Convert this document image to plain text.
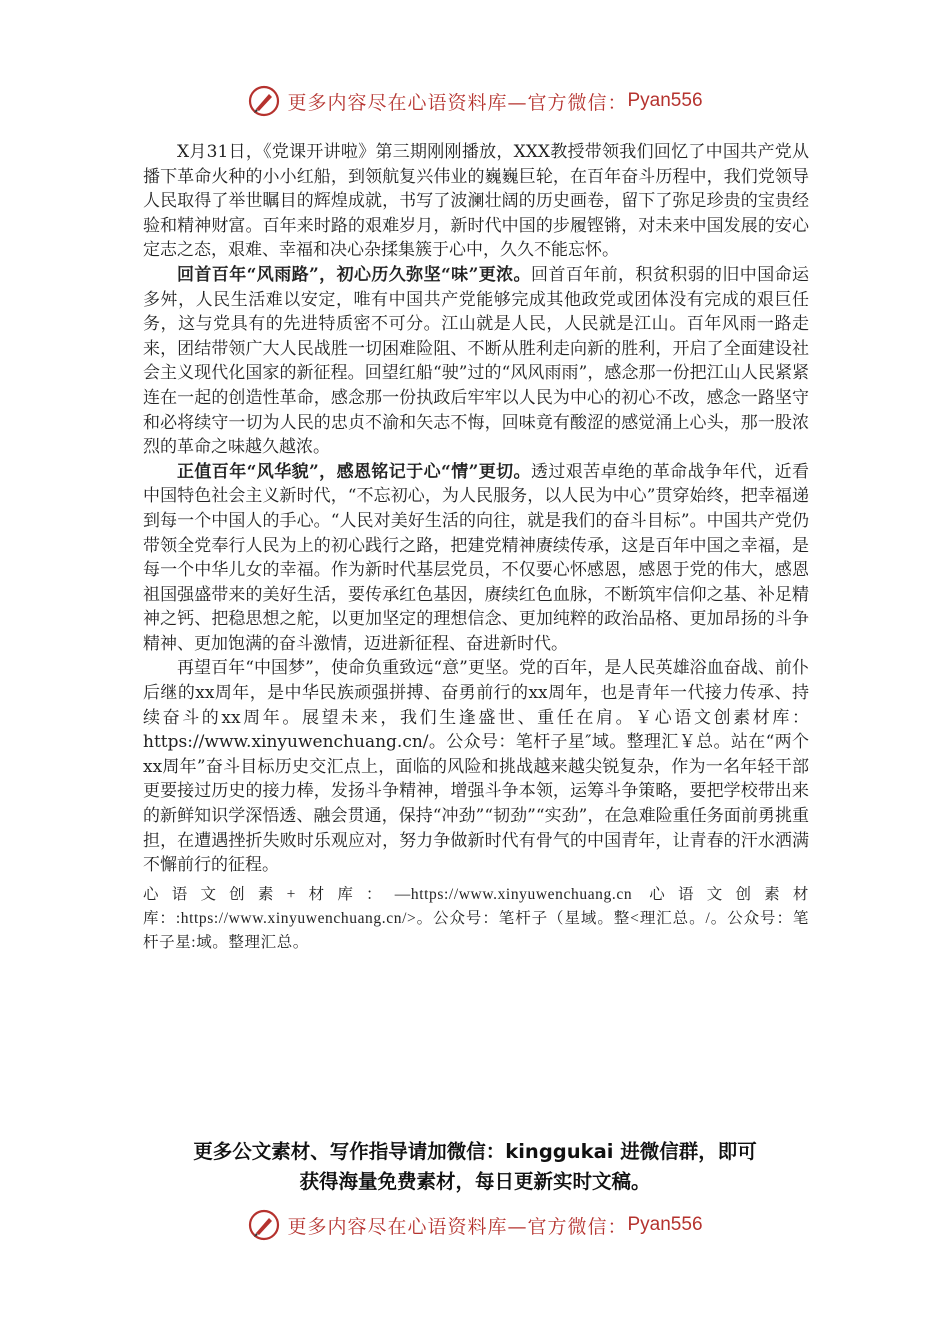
更多内容尽在心语资料库—官方微信： Pyan556

X月31日，《党课开讲啦》第三期刚刚播放，XXX教授带领我们回忆了中国共产党从播下革命火种的小小红船，到领航复兴伟业的巍巍巨轮，在百年奋斗历程中，我们党领导人民取得了举世瞩目的辉煌成就，书写了波澜壮阔的历史画卷，留下了弥足珍贵的宝贵经验和精神财富。百年来时路的艰难岁月，新时代中国的步履铿锵，对未来中国发展的安心定志之态，艰难、幸福和决心杂揉集簇于心中，久久不能忘怀。

回首百年“风雨路”，初心历久弥坚“味”更浓。回首百年前，积贫积弱的旧中国命运多舛，人民生活难以安定，唯有中国共产党能够完成其他政党或团体没有完成的艰巨任务，这与党具有的先进特质密不可分。江山就是人民，人民就是江山。百年风雨一路走来，团结带领广大人民战胜一切困难险阻、不断从胜利走向新的胜利，开启了全面建设社会主义现代化国家的新征程。回望红船“驶”过的“风风雨雨”，感念那一份把江山人民紧紧连在一起的创造性革命，感念那一份执政后牢牢以人民为中心的初心不改，感念一路坚守和必将续守一切为人民的忠贞不渝和矢志不悔，回味竟有酸涩的感觉涌上心头，那一股浓烈的革命之味越久越浓。

正值百年“风华貌”，感恩铭记于心“情”更切。透过艰苦卓绝的革命战争年代，近看中国特色社会主义新时代，“不忘初心，为人民服务，以人民为中心”贯穿始终，把幸福递到每一个中国人的手心。“人民对美好生活的向往，就是我们的奋斗目标”。中国共产党仍带领全党奉行人民为上的初心践行之路，把建党精神赓续传承，这是百年中国之幸福，是每一个中华儿女的幸福。作为新时代基层党员，不仅要心怀感恩，感恩于党的伟大，感恩祖国强盛带来的美好生活，要传承红色基因，赓续红色血脉，不断筑牢信仰之基、补足精神之钙、把稳思想之舵，以更加坚定的理想信念、更加纯粹的政治品格、更加昂扬的斗争精神、更加饱满的奋斗激情，迈进新征程、奋进新时代。

再望百年“中国梦”，使命负重致远“意”更坚。党的百年，是人民英雄浴血奋战、前仆后继的xx周年，是中华民族顽强拼搏、奋勇前行的xx周年，也是青年一代接力传承、持续奋斗的xx周年。展望未来，我们生逢盛世、重任在肩。￥心语文创素材库：https://www.xinyuwenchuang.cn/。公众号：笔杆子星″域。整理汇￥总。站在“两个xx周年”奋斗目标历史交汇点上，面临的风险和挑战越来越尖锐复杂，作为一名年轻干部更要接过历史的接力棒，发扬斗争精神，增强斗争本领，运筹斗争策略，要把学校带出来的新鲜知识学深悟透、融会贯通，保持“冲劲”“韧劲”“实劲”，在急难险重任务面前勇挑重担，在遭遇挫折失败时乐观应对，努力争做新时代有骨气的中国青年，让青春的汗水洒满不懈前行的征程。

心语文创素+材库：—https://www.xinyuwenchuang.cn 心语文创素材库：:https://www.xinyuwenchuang.cn/>。公众号：笔杆子（星域。整<理汇总。/。公众号：笔杆子星:域。整理汇总。
更多公文素材、写作指导请加微信：kinggukai 进微信群，即可
获得海量免费素材，每日更新实时文稿。
更多内容尽在心语资料库—官方微信： Pyan556
